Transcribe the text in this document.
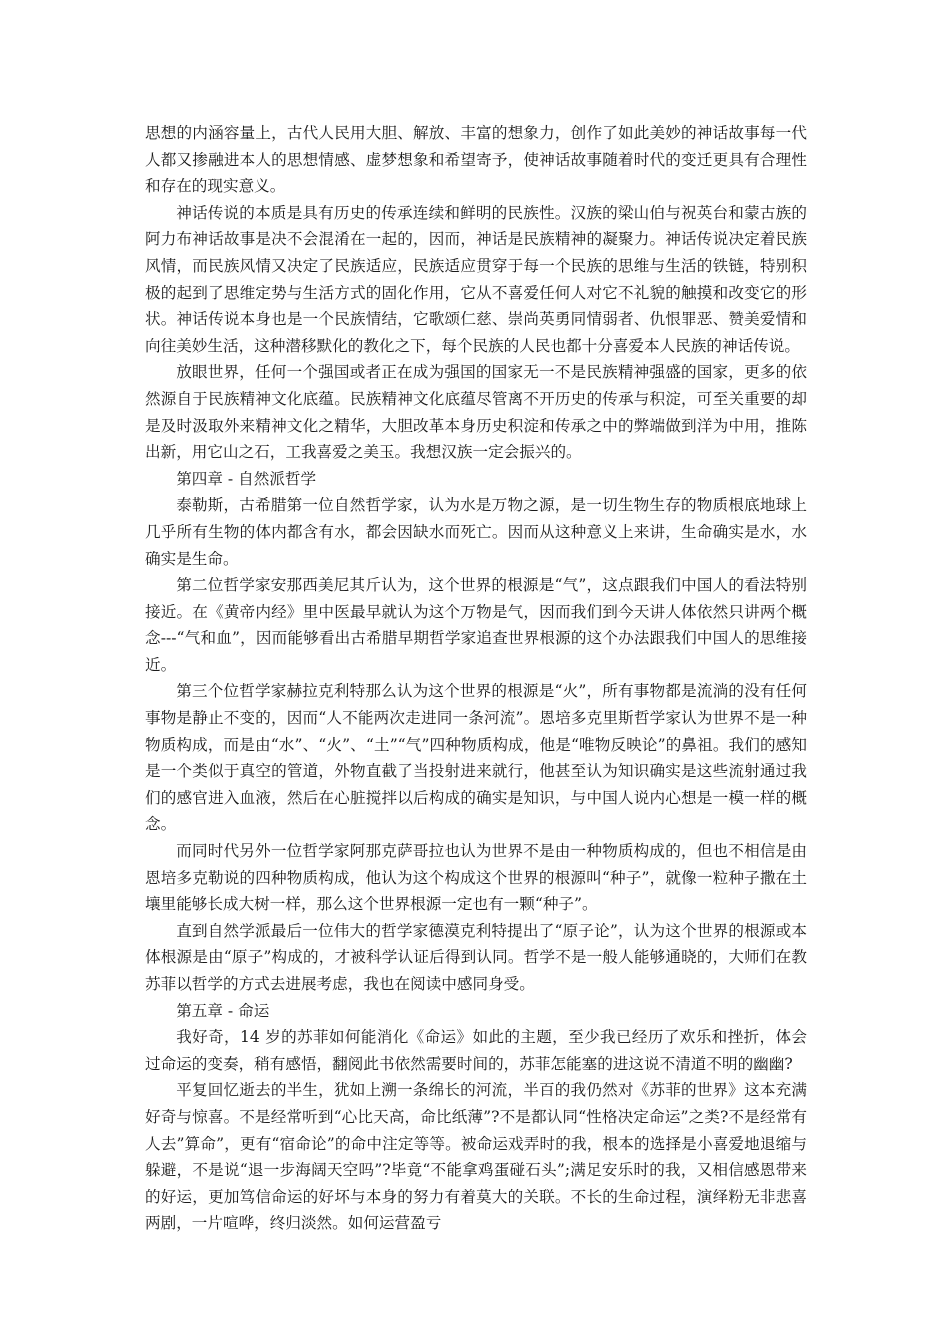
思想的内涵容量上，古代人民用大胆、解放、丰富的想象力，创作了如此美妙的神话故事每一代人都又掺融进本人的思想情感、虚梦想象和希望寄予，使神话故事随着时代的变迁更具有合理性和存在的现实意义。

神话传说的本质是具有历史的传承连续和鲜明的民族性。汉族的梁山伯与祝英台和蒙古族的阿力布神话故事是决不会混淆在一起的，因而，神话是民族精神的凝聚力。神话传说决定着民族风情，而民族风情又决定了民族适应，民族适应贯穿于每一个民族的思维与生活的铁链，特别积极的起到了思维定势与生活方式的固化作用，它从不喜爱任何人对它不礼貌的触摸和改变它的形状。神话传说本身也是一个民族情结，它歌颂仁慈、崇尚英勇同情弱者、仇恨罪恶、赞美爱情和向往美妙生活，这种潜移默化的教化之下，每个民族的人民也都十分喜爱本人民族的神话传说。

放眼世界，任何一个强国或者正在成为强国的国家无一不是民族精神强盛的国家，更多的依然源自于民族精神文化底蕴。民族精神文化底蕴尽管离不开历史的传承与积淀，可至关重要的却是及时汲取外来精神文化之精华，大胆改革本身历史积淀和传承之中的弊端做到洋为中用，推陈出新，用它山之石，工我喜爱之美玉。我想汉族一定会振兴的。

第四章 - 自然派哲学

泰勒斯，古希腊第一位自然哲学家，认为水是万物之源，是一切生物生存的物质根底地球上几乎所有生物的体内都含有水，都会因缺水而死亡。因而从这种意义上来讲，生命确实是水，水确实是生命。

第二位哲学家安那西美尼其斤认为，这个世界的根源是“气”，这点跟我们中国人的看法特别接近。在《黄帝内经》里中医最早就认为这个万物是气，因而我们到今天讲人体依然只讲两个概念---“气和血”，因而能够看出古希腊早期哲学家追查世界根源的这个办法跟我们中国人的思维接近。

第三个位哲学家赫拉克利特那么认为这个世界的根源是“火”，所有事物都是流淌的没有任何事物是静止不变的，因而“人不能两次走进同一条河流”。恩培多克里斯哲学家认为世界不是一种物质构成，而是由“水”、“火”、“土”“气”四种物质构成，他是“唯物反映论”的鼻祖。我们的感知是一个类似于真空的管道，外物直截了当投射进来就行，他甚至认为知识确实是这些流射通过我们的感官进入血液，然后在心脏搅拌以后构成的确实是知识，与中国人说内心想是一模一样的概念。

而同时代另外一位哲学家阿那克萨哥拉也认为世界不是由一种物质构成的，但也不相信是由恩培多克勒说的四种物质构成，他认为这个构成这个世界的根源叫“种子”，就像一粒种子撒在土壤里能够长成大树一样，那么这个世界根源一定也有一颗“种子”。

直到自然学派最后一位伟大的哲学家德漠克利特提出了“原子论”，认为这个世界的根源或本体根源是由“原子”构成的，才被科学认证后得到认同。哲学不是一般人能够通晓的，大师们在教苏菲以哲学的方式去进展考虑，我也在阅读中感同身受。

第五章 - 命运

我好奇，14 岁的苏菲如何能消化《命运》如此的主题，至少我已经历了欢乐和挫折，体会过命运的变奏，稍有感悟，翻阅此书依然需要时间的，苏菲怎能塞的进这说不清道不明的幽幽?

平复回忆逝去的半生，犹如上溯一条绵长的河流，半百的我仍然对《苏菲的世界》这本充满好奇与惊喜。不是经常听到“心比天高，命比纸薄”?不是都认同“性格决定命运”之类?不是经常有人去”算命”，更有“宿命论”的命中注定等等。被命运戏弄时的我，根本的选择是小喜爱地退缩与躲避，不是说“退一步海阔天空吗”?毕竟“不能拿鸡蛋碰石头”;满足安乐时的我，又相信感恩带来的好运，更加笃信命运的好坏与本身的努力有着莫大的关联。不长的生命过程，演绎粉无非悲喜两剧，一片喧哗，终归淡然。如何运营盈亏
